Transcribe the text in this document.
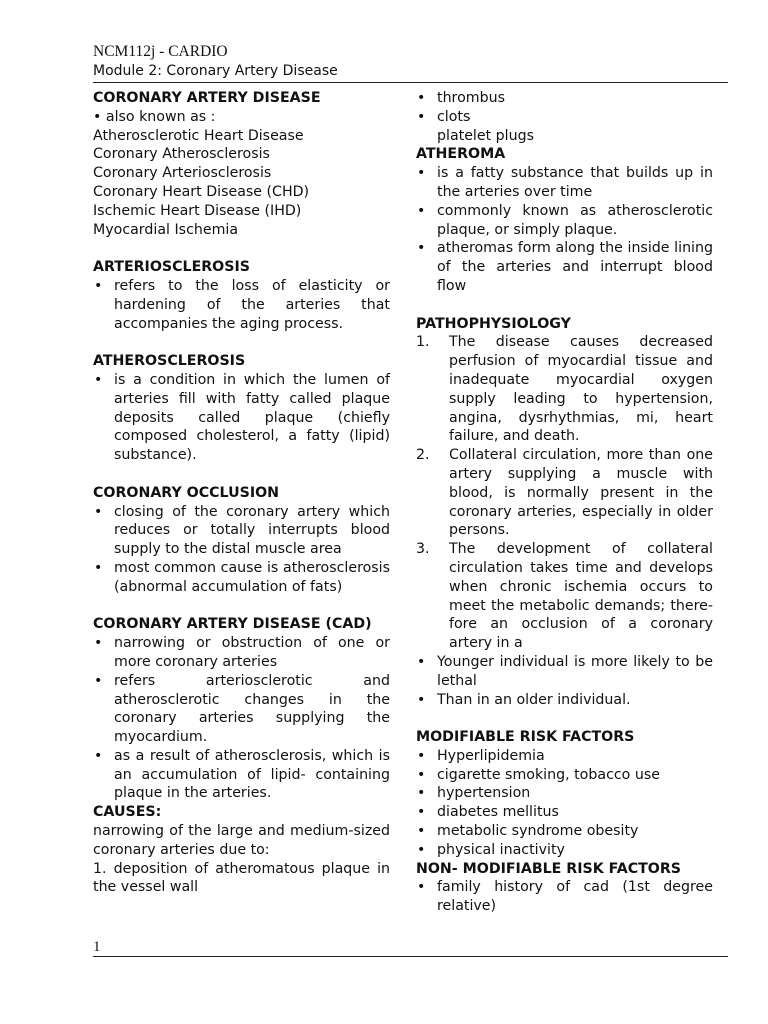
NCM112j - CARDIO
Module 2: Coronary Artery Disease
CORONARY ARTERY DISEASE
• also known as :
Atherosclerotic Heart Disease
Coronary Atherosclerosis
Coronary Arteriosclerosis
Coronary Heart Disease (CHD)
Ischemic Heart Disease (IHD)
Myocardial Ischemia
ARTERIOSCLEROSIS
• refers to the loss of elasticity or hardening of the arteries that accompanies the aging process.
ATHEROSCLEROSIS
• is a condition in which the lumen of arteries fill with fatty called plaque deposits called plaque (chiefly composed cholesterol, a fatty (lipid) substance).
CORONARY OCCLUSION
• closing of the coronary artery which reduces or totally interrupts blood supply to the distal muscle area
• most common cause is atherosclerosis (abnormal accumulation of fats)
CORONARY ARTERY DISEASE (CAD)
• narrowing or obstruction of one or more coronary arteries
• refers arteriosclerotic and atherosclerotic changes in the coronary arteries supplying the myocardium.
• as a result of atherosclerosis, which is an accumulation of lipid- containing plaque in the arteries.
CAUSES:
narrowing of the large and medium-sized coronary arteries due to:
1. deposition of atheromatous plaque in the vessel wall
• thrombus
• clots
platelet plugs
ATHEROMA
• is a fatty substance that builds up in the arteries over time
• commonly known as atherosclerotic plaque, or simply plaque.
• atheromas form along the inside lining of the arteries and interrupt blood flow
PATHOPHYSIOLOGY
1. The disease causes decreased perfusion of myocardial tissue and inadequate myocardial oxygen supply leading to hypertension, angina, dysrhythmias, mi, heart failure, and death.
2. Collateral circulation, more than one artery supplying a muscle with blood, is normally present in the coronary arteries, especially in older persons.
3. The development of collateral circulation takes time and develops when chronic ischemia occurs to meet the metabolic demands; there- fore an occlusion of a coronary artery in a
• Younger individual is more likely to be lethal
• Than in an older individual.
MODIFIABLE RISK FACTORS
• Hyperlipidemia
• cigarette smoking, tobacco use
• hypertension
• diabetes mellitus
• metabolic syndrome obesity
• physical inactivity
NON- MODIFIABLE RISK FACTORS
• family history of cad (1st degree relative)
1
